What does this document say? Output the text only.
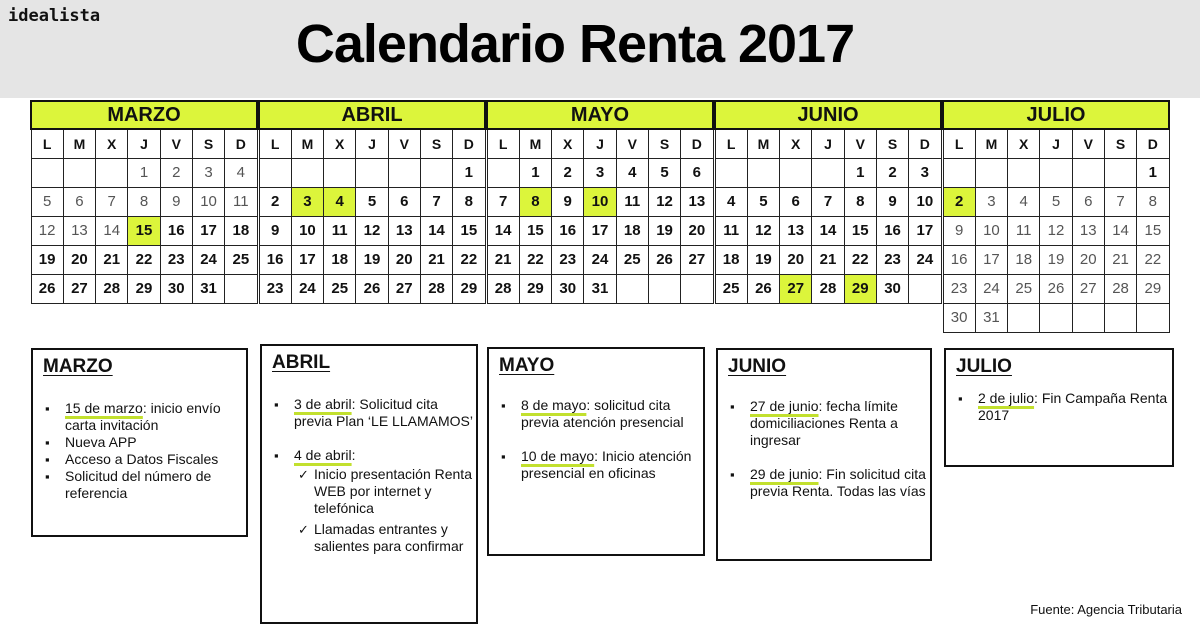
idealista	Calendario Renta 2017
MARZO						
L	M	X	J	V	S	D
			1	2	3	4
5	6	7	8	9	10	11
12	13	14	15	16	17	18
19	20	21	22	23	24	25
26	27	28	29	30	31	
ABRIL						
L	M	X	J	V	S	D
						1
2	3	4	5	6	7	8
9	10	11	12	13	14	15
16	17	18	19	20	21	22
23	24	25	26	27	28	29
MAYO						
L	M	X	J	V	S	D
	1	2	3	4	5	6
7	8	9	10	11	12	13
14	15	16	17	18	19	20
21	22	23	24	25	26	27
28	29	30	31			
JUNIO						
L	M	X	J	V	S	D
				1	2	3
4	5	6	7	8	9	10
11	12	13	14	15	16	17
18	19	20	21	22	23	24
25	26	27	28	29	30	
JULIO						
L	M	X	J	V	S	D
						1
2	3	4	5	6	7	8
9	10	11	12	13	14	15
16	17	18	19	20	21	22
23	24	25	26	27	28	29
30	31					
MARZO
▪ 15 de marzo: inicio envío carta invitación
▪ Nueva APP
▪ Acceso a Datos Fiscales
▪ Solicitud del número de referencia
ABRIL
▪ 3 de abril: Solicitud cita previa Plan ‘LE LLAMAMOS’
▪ 4 de abril:
✓ Inicio presentación Renta WEB por internet y telefónica
✓ Llamadas entrantes y salientes para confirmar
MAYO
▪ 8 de mayo: solicitud cita previa atención presencial
▪ 10 de mayo: Inicio atención presencial en oficinas
JUNIO
▪ 27 de junio: fecha límite domiciliaciones Renta a ingresar
▪ 29 de junio: Fin solicitud cita previa Renta. Todas las vías
JULIO
▪ 2 de julio: Fin Campaña Renta 2017
Fuente: Agencia Tributaria
